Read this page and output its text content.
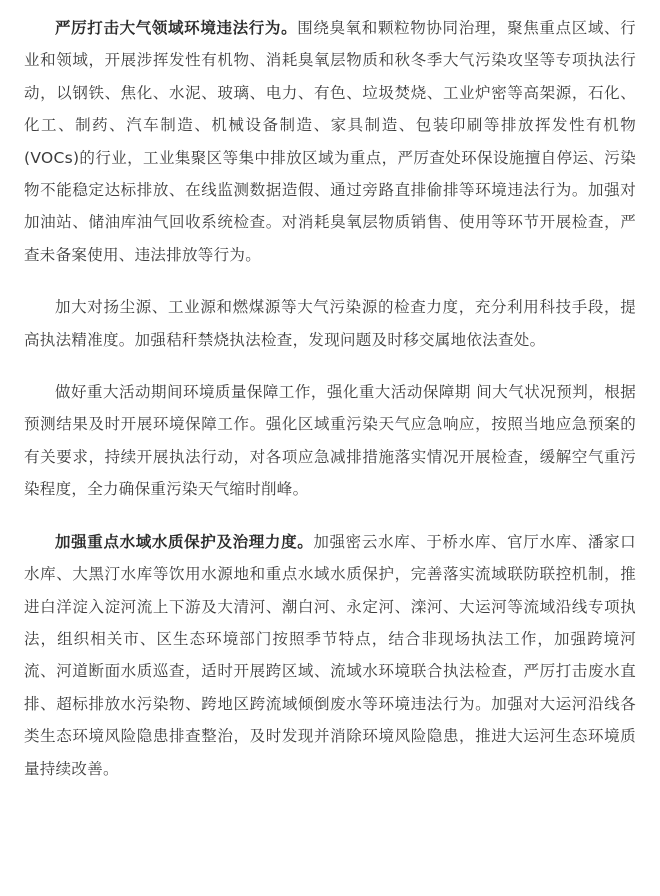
严厉打击大气领域环境违法行为。围绕臭氧和颗粒物协同治理，聚焦重点区域、行业和领域，开展涉挥发性有机物、消耗臭氧层物质和秋冬季大气污染攻坚等专项执法行动，以钢铁、焦化、水泥、玻璃、电力、有色、垃圾焚烧、工业炉密等高架源，石化、化工、制药、汽车制造、机械设备制造、家具制造、包装印刷等排放挥发性有机物(VOCs)的行业，工业集聚区等集中排放区域为重点，严厉查处环保设施擅自停运、污染物不能稳定达标排放、在线监测数据造假、通过旁路直排偷排等环境违法行为。加强对加油站、储油库油气回收系统检查。对消耗臭氧层物质销售、使用等环节开展检查，严查未备案使用、违法排放等行为。

加大对扬尘源、工业源和燃煤源等大气污染源的检查力度，充分利用科技手段，提高执法精准度。加强秸秆禁烧执法检查，发现问题及时移交属地依法查处。

做好重大活动期间环境质量保障工作，强化重大活动保障期 间大气状况预判，根据预测结果及时开展环境保障工作。强化区域重污染天气应急响应，按照当地应急预案的有关要求，持续开展执法行动，对各项应急减排措施落实情况开展检查，缓解空气重污染程度，全力确保重污染天气缩时削峰。

加强重点水域水质保护及治理力度。加强密云水库、于桥水库、官厅水库、潘家口水库、大黑汀水库等饮用水源地和重点水域水质保护，完善落实流域联防联控机制，推进白洋淀入淀河流上下游及大清河、潮白河、永定河、滦河、大运河等流域沿线专项执法，组织相关市、区生态环境部门按照季节特点，结合非现场执法工作，加强跨境河流、河道断面水质巡查，适时开展跨区域、流域水环境联合执法检查，严厉打击废水直排、超标排放水污染物、跨地区跨流域倾倒废水等环境违法行为。加强对大运河沿线各类生态环境风险隐患排查整治，及时发现并消除环境风险隐患，推进大运河生态环境质量持续改善。
